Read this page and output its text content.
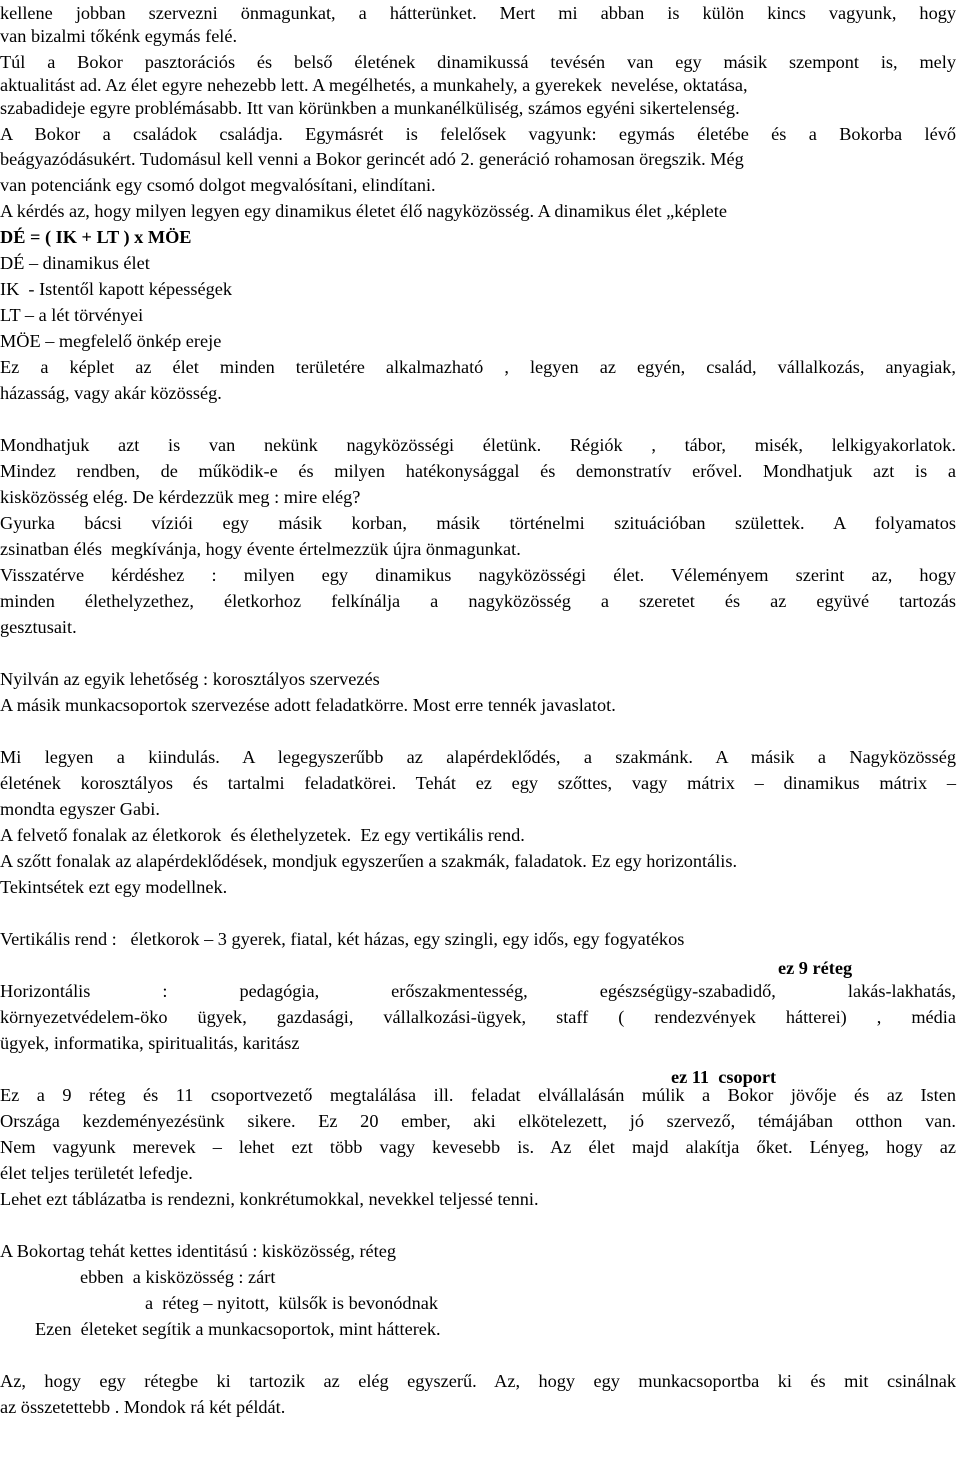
kellene jobban szervezni önmagunkat, a hátterünket. Mert mi abban is külön kincs vagyunk, hogy
van bizalmi tőkénk egymás felé.
Túl a Bokor pasztorációs és belső életének dinamikussá tevésén van egy másik szempont is, mely
aktualitást ad. Az élet egyre nehezebb lett. A megélhetés, a munkahely, a gyerekek  nevelése, oktatása,
szabadideje egyre problémásabb. Itt van körünkben a munkanélküliség, számos egyéni sikertelenség.
A Bokor a családok családja. Egymásrét is felelősek vagyunk: egymás életébe és a Bokorba lévő
beágyazódásukért. Tudomásul kell venni a Bokor gerincét adó 2. generáció rohamosan öregszik. Még
van potenciánk egy csomó dolgot megvalósítani, elindítani.
A kérdés az, hogy milyen legyen egy dinamikus életet élő nagyközösség. A dinamikus élet „képlete
DÉ = ( IK + LT ) x MÖE
DÉ – dinamikus élet
IK  - Istentől kapott képességek
LT – a lét törvényei
MÖE – megfelelő önkép ereje
Ez a képlet az élet minden területére alkalmazható , legyen az egyén, család, vállalkozás, anyagiak,
házasság, vagy akár közösség.
Mondhatjuk azt is van nekünk nagyközösségi életünk. Régiók , tábor, misék, lelkigyakorlatok.
Mindez rendben, de működik-e és milyen hatékonysággal és demonstratív erővel. Mondhatjuk azt is a
kisközösség elég. De kérdezzük meg : mire elég?
Gyurka bácsi víziói egy másik korban, másik történelmi szituációban születtek. A folyamatos
zsinatban élés  megkívánja, hogy évente értelmezzük újra önmagunkat.
Visszatérve kérdéshez : milyen egy dinamikus nagyközösségi élet. Véleményem szerint az, hogy
minden élethelyzethez, életkorhoz felkínálja a nagyközösség a szeretet és az együvé tartozás
gesztusait.
Nyilván az egyik lehetőség : korosztályos szervezés
A másik munkacsoportok szervezése adott feladatkörre. Most erre tennék javaslatot.
Mi legyen a kiindulás. A legegyszerűbb az alapérdeklődés, a szakmánk. A másik a Nagyközösség
életének korosztályos és tartalmi feladatkörei. Tehát ez egy szőttes, vagy mátrix – dinamikus mátrix –
mondta egyszer Gabi.
A felvető fonalak az életkorok  és élethelyzetek.  Ez egy vertikális rend.
A szőtt fonalak az alapérdeklődések, mondjuk egyszerűen a szakmák, faladatok. Ez egy horizontális.
Tekintsétek ezt egy modellnek.
Vertikális rend :   életkorok – 3 gyerek, fiatal, két házas, egy szingli, egy idős, egy fogyatékos
Horizontális : pedagógia, erőszakmentesség, egészségügy-szabadidő, lakás-lakhatás,
környezetvédelem-öko ügyek, gazdasági, vállalkozási-ügyek, staff ( rendezvények hátterei) , média
ügyek, informatika, spiritualitás, karitász
Ez a 9 réteg és 11 csoportvezető megtalálása ill. feladat elvállalásán múlik a Bokor jövője és az Isten
Országa kezdeményezésünk sikere. Ez 20 ember, aki elkötelezett, jó szervező, témájában otthon van.
Nem vagyunk merevek – lehet ezt több vagy kevesebb is. Az élet majd alakítja őket. Lényeg, hogy az
élet teljes területét lefedje.
Lehet ezt táblázatba is rendezni, konkrétumokkal, nevekkel teljessé tenni.
A Bokortag tehát kettes identitású : kisközösség, réteg
ebben  a kisközösség : zárt
a  réteg – nyitott,  külsők is bevonódnak
Ezen  életeket segítik a munkacsoportok, mint hátterek.
Az, hogy egy rétegbe ki tartozik az elég egyszerű. Az, hogy egy munkacsoportba ki és mit csinálnak
az összetettebb . Mondok rá két példát.
ez 9 réteg
ez 11  csoport
